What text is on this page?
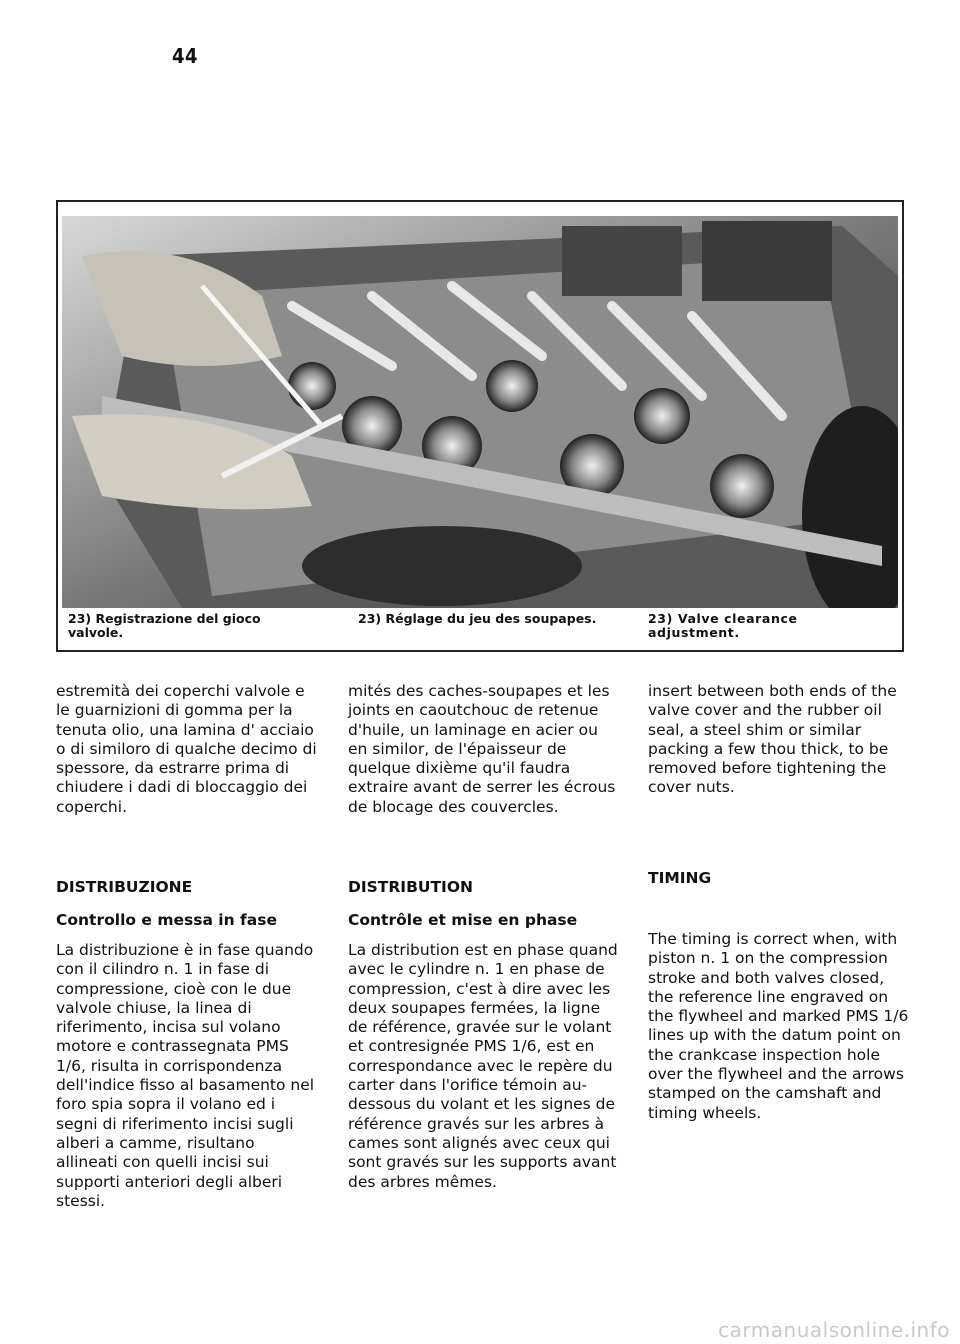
44
23) Registrazione del gioco valvole.
23) Réglage du jeu des soupapes.	23) Valve clearance adjustment.

estremità dei coperchi valvole e le guarnizioni di gomma per la tenuta olio, una lamina d' acciaio o di similoro di qualche decimo di spessore, da estrarre prima di chiudere i dadi di bloccaggio dei coperchi.

DISTRIBUZIONE

Controllo e messa in fase

La distribuzione è in fase quando con il cilindro n. 1 in fase di compressione, cioè con le due valvole chiuse, la linea di riferimento, incisa sul volano motore e contrassegnata PMS 1/6, risulta in corrispondenza dell'indice fisso al basamento nel foro spia sopra il volano ed i segni di riferimento incisi sugli alberi a camme, risultano allineati con quelli incisi sui supporti anteriori degli alberi stessi.

mités des caches-soupapes et les joints en caoutchouc de retenue d'huile, un laminage en acier ou en similor, de l'épaisseur de quelque dixième qu'il faudra extraire avant de serrer les écrous de blocage des couvercles.

DISTRIBUTION

Contrôle et mise en phase

La distribution est en phase quand avec le cylindre n. 1 en phase de compression, c'est à dire avec les deux soupapes fermées, la ligne de référence, gravée sur le volant et contresignée PMS 1/6, est en correspondance avec le repère du carter dans l'orifice témoin au-dessous du volant et les signes de référence gravés sur les arbres à cames sont alignés avec ceux qui sont gravés sur les supports avant des arbres mêmes.

insert between both ends of the valve cover and the rubber oil seal, a steel shim or similar packing a few thou thick, to be removed before tightening the cover nuts.

TIMING

The timing is correct when, with piston n. 1 on the compression stroke and both valves closed, the reference line engraved on the flywheel and marked PMS 1/6 lines up with the datum point on the crankcase inspection hole over the flywheel and the arrows stamped on the camshaft and timing wheels.

carmanualsonline.info
